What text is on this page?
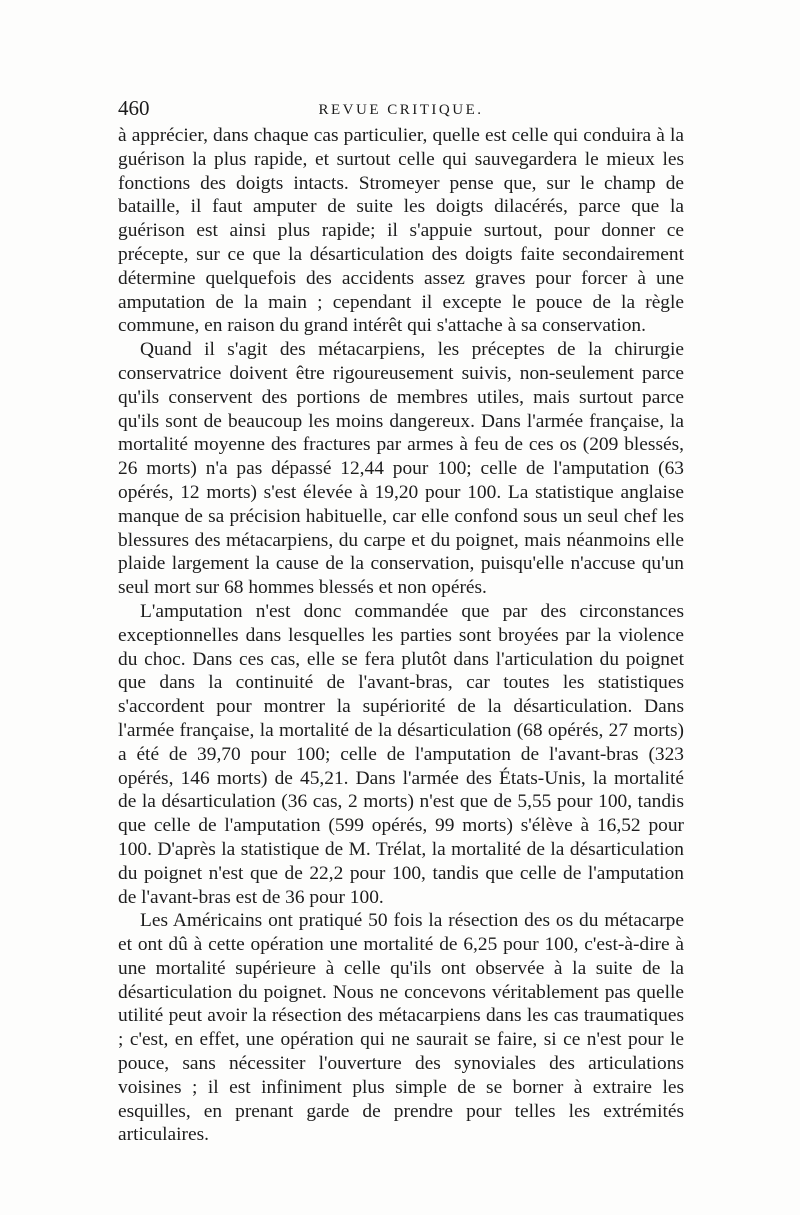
460	REVUE CRITIQUE.

à apprécier, dans chaque cas particulier, quelle est celle qui conduira à la guérison la plus rapide, et surtout celle qui sauvegardera le mieux les fonctions des doigts intacts. Stromeyer pense que, sur le champ de bataille, il faut amputer de suite les doigts dilacérés, parce que la guérison est ainsi plus rapide; il s'appuie surtout, pour donner ce précepte, sur ce que la désarticulation des doigts faite secondairement détermine quelquefois des accidents assez graves pour forcer à une amputation de la main ; cependant il excepte le pouce de la règle commune, en raison du grand intérêt qui s'attache à sa conservation.

Quand il s'agit des métacarpiens, les préceptes de la chirurgie conservatrice doivent être rigoureusement suivis, non-seulement parce qu'ils conservent des portions de membres utiles, mais surtout parce qu'ils sont de beaucoup les moins dangereux. Dans l'armée française, la mortalité moyenne des fractures par armes à feu de ces os (209 blessés, 26 morts) n'a pas dépassé 12,44 pour 100; celle de l'amputation (63 opérés, 12 morts) s'est élevée à 19,20 pour 100. La statistique anglaise manque de sa précision habituelle, car elle confond sous un seul chef les blessures des métacarpiens, du carpe et du poignet, mais néanmoins elle plaide largement la cause de la conservation, puisqu'elle n'accuse qu'un seul mort sur 68 hommes blessés et non opérés.

L'amputation n'est donc commandée que par des circonstances exceptionnelles dans lesquelles les parties sont broyées par la violence du choc. Dans ces cas, elle se fera plutôt dans l'articulation du poignet que dans la continuité de l'avant-bras, car toutes les statistiques s'accordent pour montrer la supériorité de la désarticulation. Dans l'armée française, la mortalité de la désarticulation (68 opérés, 27 morts) a été de 39,70 pour 100; celle de l'amputation de l'avant-bras (323 opérés, 146 morts) de 45,21. Dans l'armée des États-Unis, la mortalité de la désarticulation (36 cas, 2 morts) n'est que de 5,55 pour 100, tandis que celle de l'amputation (599 opérés, 99 morts) s'élève à 16,52 pour 100. D'après la statistique de M. Trélat, la mortalité de la désarticulation du poignet n'est que de 22,2 pour 100, tandis que celle de l'amputation de l'avant-bras est de 36 pour 100.

Les Américains ont pratiqué 50 fois la résection des os du métacarpe et ont dû à cette opération une mortalité de 6,25 pour 100, c'est-à-dire à une mortalité supérieure à celle qu'ils ont observée à la suite de la désarticulation du poignet. Nous ne concevons véritablement pas quelle utilité peut avoir la résection des métacarpiens dans les cas traumatiques ; c'est, en effet, une opération qui ne saurait se faire, si ce n'est pour le pouce, sans nécessiter l'ouverture des synoviales des articulations voisines ; il est infiniment plus simple de se borner à extraire les esquilles, en prenant garde de prendre pour telles les extrémités articulaires.
